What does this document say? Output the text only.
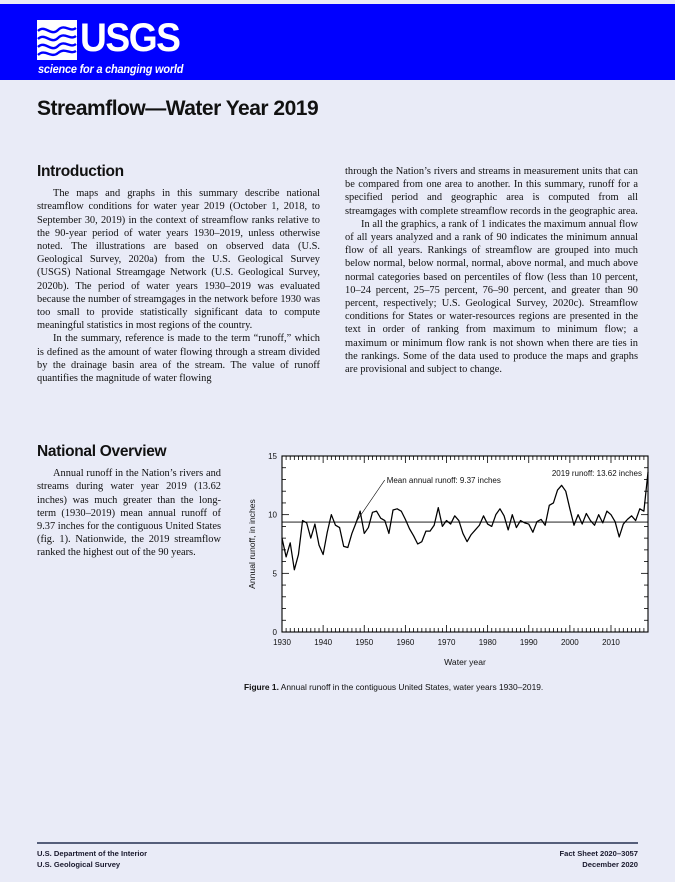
USGS
science for a changing world
Streamflow—Water Year 2019
Introduction

The maps and graphs in this summary describe national streamflow conditions for water year 2019 (October 1, 2018, to September 30, 2019) in the context of streamflow ranks relative to the 90-year period of water years 1930–2019, unless otherwise noted. The illustrations are based on observed data (U.S. Geological Survey, 2020a) from the U.S. Geological Survey (USGS) National Streamgage Network (U.S. Geological Survey, 2020b). The period of water years 1930–2019 was evaluated because the number of streamgages in the network before 1930 was too small to provide statistically significant data to compute meaningful statistics in most regions of the country.

In the summary, reference is made to the term “runoff,” which is defined as the amount of water flowing through a stream divided by the drainage basin area of the stream. The value of runoff quantifies the magnitude of water flowing

through the Nation’s rivers and streams in measurement units that can be compared from one area to another. In this summary, runoff for a specified period and geographic area is computed from all streamgages with complete streamflow records in the geographic area.

In all the graphics, a rank of 1 indicates the maximum annual flow of all years analyzed and a rank of 90 indicates the minimum annual flow of all years. Rankings of streamflow are grouped into much below normal, below normal, normal, above normal, and much above normal categories based on percentiles of flow (less than 10 percent, 10–24 percent, 25–75 percent, 76–90 percent, and greater than 90 percent, respectively; U.S. Geological Survey, 2020c). Streamflow conditions for States or water-resources regions are presented in the text in order of ranking from maximum to minimum flow; a maximum or minimum flow rank is not shown when there are ties in the rankings. Some of the data used to produce the maps and graphs are provisional and subject to change.

National Overview

Annual runoff in the Nation’s rivers and streams during water year 2019 (13.62 inches) was much greater than the long-term (1930–2019) mean annual runoff of 9.37 inches for the contiguous United States (fig. 1). Nationwide, the 2019 streamflow ranked the highest out of the 90 years.

1930	1940	1950	1960	1970	1980	1990	2000	2010
0
5
10
15
Annual runoff, in inches
Water year
Mean annual runoff: 9.37 inches
2019 runoff: 13.62 inches
Figure 1. Annual runoff in the contiguous United States, water years 1930–2019.
U.S. Department of the Interior
U.S. Geological Survey
Fact Sheet 2020–3057
December 2020
